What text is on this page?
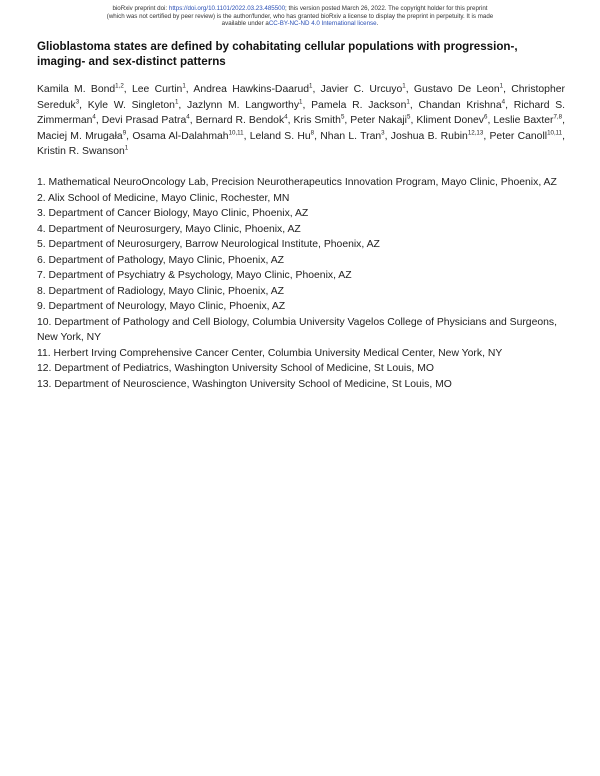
bioRxiv preprint doi: https://doi.org/10.1101/2022.03.23.485500; this version posted March 26, 2022. The copyright holder for this preprint
(which was not certified by peer review) is the author/funder, who has granted bioRxiv a license to display the preprint in perpetuity. It is made
available under aCC-BY-NC-ND 4.0 International license.
Glioblastoma states are defined by cohabitating cellular populations with progression-, imaging- and sex-distinct patterns
Kamila M. Bond$^{1,2}$, Lee Curtin$^1$, Andrea Hawkins-Daarud$^1$, Javier C. Urcuyo$^1$, Gustavo De Leon$^1$, Christopher Sereduk$^3$, Kyle W. Singleton$^1$, Jazlynn M. Langworthy$^1$, Pamela R. Jackson$^1$, Chandan Krishna$^4$, Richard S. Zimmerman$^4$, Devi Prasad Patra$^4$, Bernard R. Bendok$^4$, Kris Smith$^5$, Peter Nakaji$^5$, Kliment Donev$^6$, Leslie Baxter$^{7,8}$, Maciej M. Mrugała$^9$, Osama Al-Dalahmah$^{10,11}$, Leland S. Hu$^8$, Nhan L. Tran$^3$, Joshua B. Rubin$^{12,13}$, Peter Canoll$^{10,11}$, Kristin R. Swanson$^1$
1. Mathematical NeuroOncology Lab, Precision Neurotherapeutics Innovation Program, Mayo Clinic, Phoenix, AZ
2. Alix School of Medicine, Mayo Clinic, Rochester, MN
3. Department of Cancer Biology, Mayo Clinic, Phoenix, AZ
4. Department of Neurosurgery, Mayo Clinic, Phoenix, AZ
5. Department of Neurosurgery, Barrow Neurological Institute, Phoenix, AZ
6. Department of Pathology, Mayo Clinic, Phoenix, AZ
7. Department of Psychiatry & Psychology, Mayo Clinic, Phoenix, AZ
8. Department of Radiology, Mayo Clinic, Phoenix, AZ
9. Department of Neurology, Mayo Clinic, Phoenix, AZ
10. Department of Pathology and Cell Biology, Columbia University Vagelos College of Physicians and Surgeons, New York, NY
11. Herbert Irving Comprehensive Cancer Center, Columbia University Medical Center, New York, NY
12. Department of Pediatrics, Washington University School of Medicine, St Louis, MO
13. Department of Neuroscience, Washington University School of Medicine, St Louis, MO
